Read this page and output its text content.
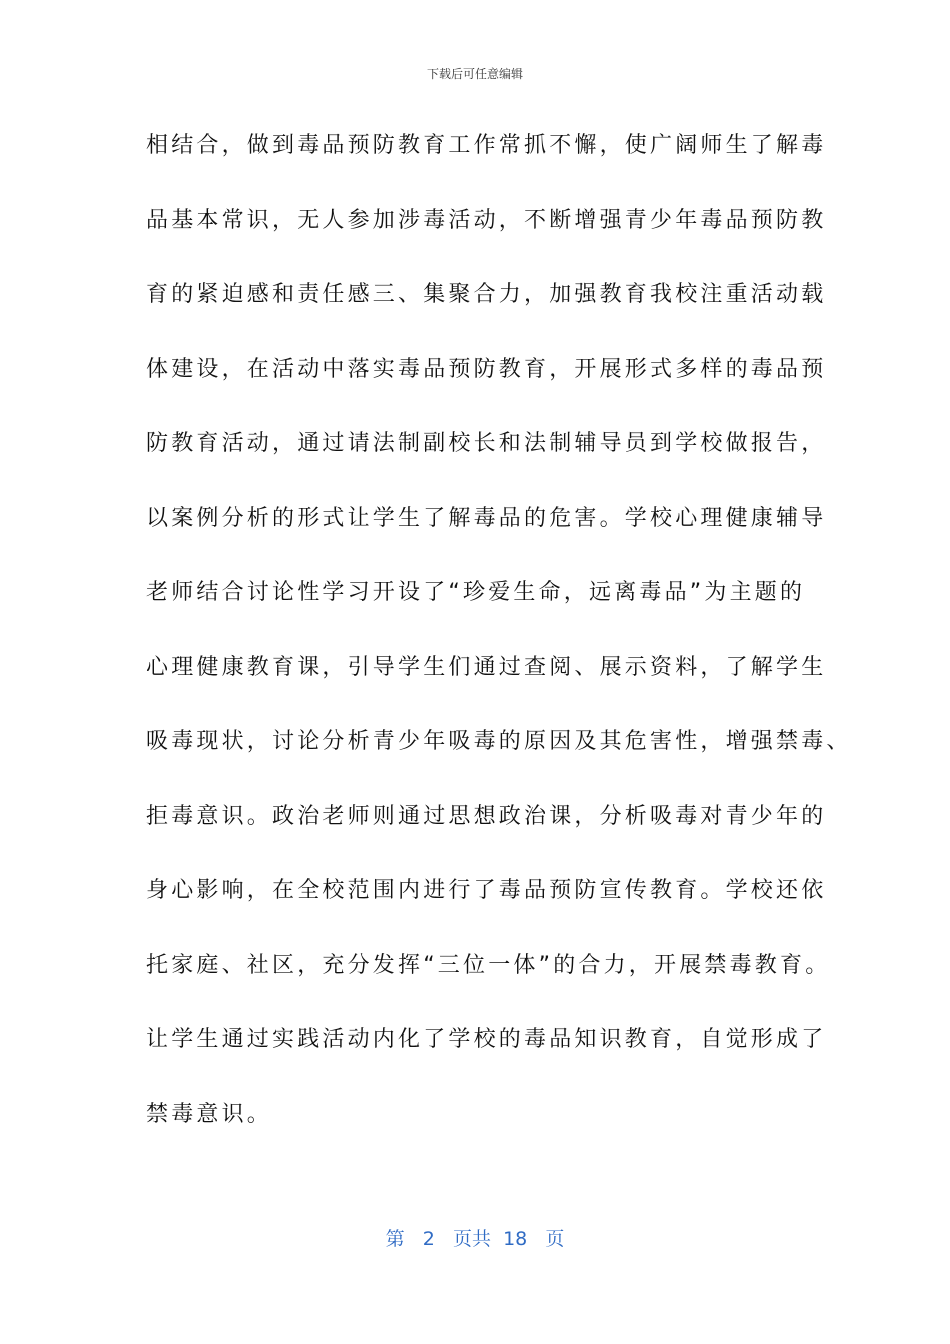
下载后可任意编辑
相结合，做到毒品预防教育工作常抓不懈，使广阔师生了解毒
品基本常识，无人参加涉毒活动，不断增强青少年毒品预防教
育的紧迫感和责任感三、集聚合力，加强教育我校注重活动载
体建设，在活动中落实毒品预防教育，开展形式多样的毒品预
防教育活动，通过请法制副校长和法制辅导员到学校做报告，
以案例分析的形式让学生了解毒品的危害。学校心理健康辅导
老师结合讨论性学习开设了“珍爱生命，远离毒品”为主题的
心理健康教育课，引导学生们通过查阅、展示资料，了解学生
吸毒现状，讨论分析青少年吸毒的原因及其危害性，增强禁毒、
拒毒意识。政治老师则通过思想政治课，分析吸毒对青少年的
身心影响，在全校范围内进行了毒品预防宣传教育。学校还依
托家庭、社区，充分发挥“三位一体”的合力，开展禁毒教育。
让学生通过实践活动内化了学校的毒品知识教育，自觉形成了
禁毒意识。
第 2 页共 18 页
